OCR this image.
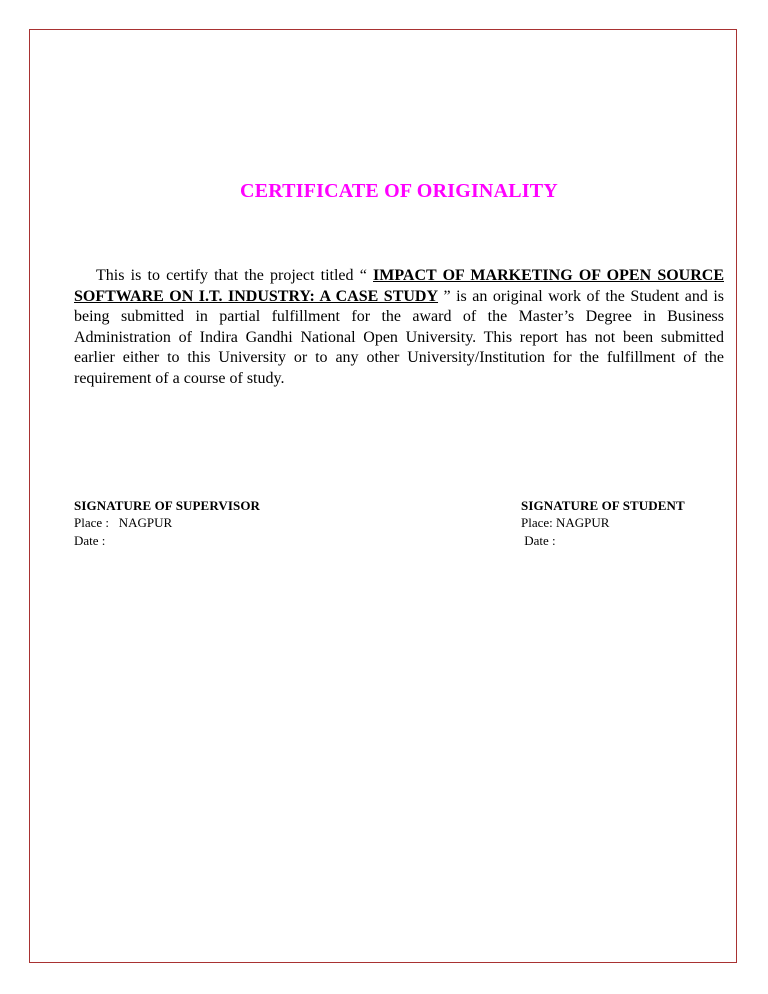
CERTIFICATE OF ORIGINALITY

This is to certify that the project titled “ IMPACT OF MARKETING OF OPEN SOURCE SOFTWARE ON I.T. INDUSTRY: A CASE STUDY ” is an original work of the Student and is being submitted in partial fulfillment for the award of the Master’s Degree in Business Administration of Indira Gandhi National Open University. This report has not been submitted earlier either to this University or to any other University/Institution for the fulfillment of the requirement of a course of study.

SIGNATURE OF SUPERVISOR
Place :   NAGPUR
Date :
SIGNATURE OF STUDENT
Place: NAGPUR
Date :
